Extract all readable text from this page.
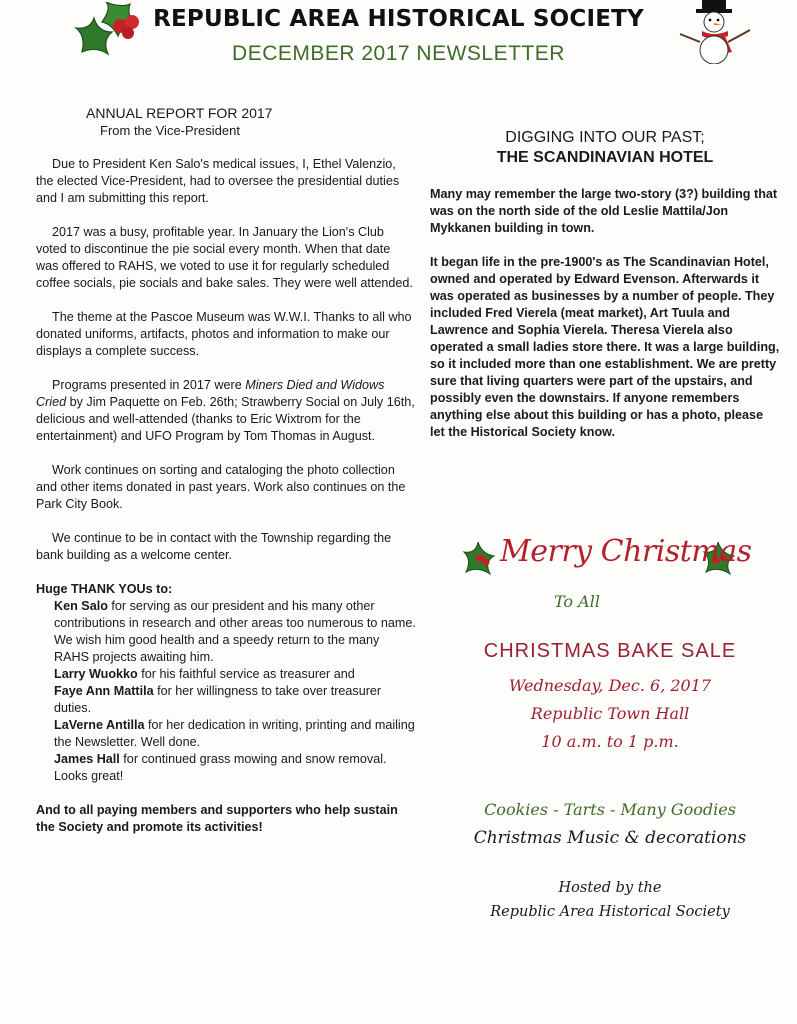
REPUBLIC AREA HISTORICAL SOCIETY
DECEMBER 2017 NEWSLETTER
ANNUAL REPORT FOR 2017
From the Vice-President

Due to President Ken Salo's medical issues, I, Ethel Valenzio, the elected Vice-President, had to oversee the presidential duties and I am submitting this report.

2017 was a busy, profitable year. In January the Lion's Club voted to discontinue the pie social every month. When that date was offered to RAHS, we voted to use it for regularly scheduled coffee socials, pie socials and bake sales. They were well attended.

The theme at the Pascoe Museum was W.W.I. Thanks to all who donated uniforms, artifacts, photos and information to make our displays a complete success.

Programs presented in 2017 were Miners Died and Widows Cried by Jim Paquette on Feb. 26th; Strawberry Social on July 16th, delicious and well-attended (thanks to Eric Wixtrom for the entertainment) and UFO Program by Tom Thomas in August.

Work continues on sorting and cataloging the photo collection and other items donated in past years. Work also continues on the Park City Book.

We continue to be in contact with the Township regarding the bank building as a welcome center.

Huge THANK YOUs to:
Ken Salo for serving as our president and his many other contributions in research and other areas too numerous to name. We wish him good health and a speedy return to the many RAHS projects awaiting him.
Larry Wuokko for his faithful service as treasurer and
Faye Ann Mattila for her willingness to take over treasurer duties.
LaVerne Antilla for her dedication in writing, printing and mailing the Newsletter. Well done.
James Hall for continued grass mowing and snow removal. Looks great!
And to all paying members and supporters who help sustain the Society and promote its activities!
DIGGING INTO OUR PAST;
THE SCANDINAVIAN HOTEL

Many may remember the large two-story (3?) building that was on the north side of the old Leslie Mattila/Jon Mykkanen building in town.

It began life in the pre-1900's as The Scandinavian Hotel, owned and operated by Edward Evenson. Afterwards it was operated as businesses by a number of people. They included Fred Vierela (meat market), Art Tuula and Lawrence and Sophia Vierela. Theresa Vierela also operated a small ladies store there. It was a large building, so it included more than one establishment. We are pretty sure that living quarters were part of the upstairs, and possibly even the downstairs. If anyone remembers anything else about this building or has a photo, please let the Historical Society know.

Merry Christmas
To All
CHRISTMAS BAKE SALE
Wednesday, Dec. 6, 2017
Republic Town Hall
10 a.m. to 1 p.m.
Cookies - Tarts - Many Goodies
Christmas Music & decorations
Hosted by the
Republic Area Historical Society
